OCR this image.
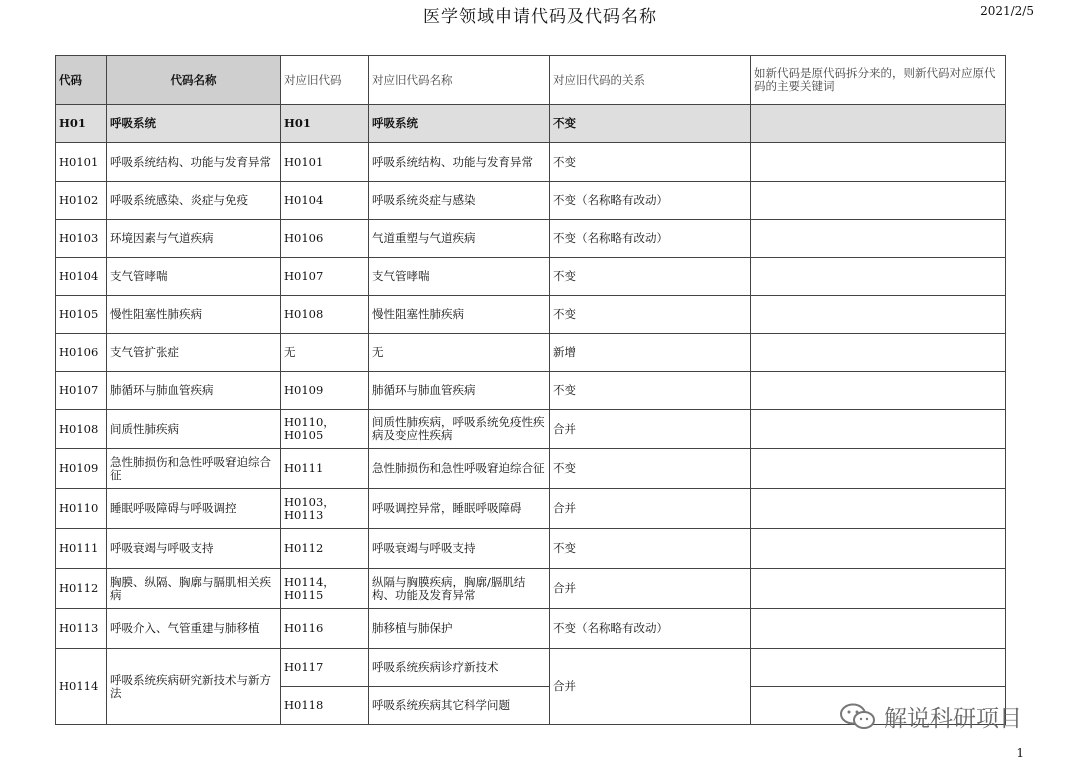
医学领域申请代码及代码名称	2021/2/5
代码	代码名称	对应旧代码	对应旧代码名称	对应旧代码的关系	如新代码是原代码拆分来的，则新代码对应原代码的主要关键词
H01	呼吸系统	H01	呼吸系统	不变	
H0101	呼吸系统结构、功能与发育异常	H0101	呼吸系统结构、功能与发育异常	不变	
H0102	呼吸系统感染、炎症与免疫	H0104	呼吸系统炎症与感染	不变（名称略有改动）	
H0103	环境因素与气道疾病	H0106	气道重塑与气道疾病	不变（名称略有改动）	
H0104	支气管哮喘	H0107	支气管哮喘	不变	
H0105	慢性阻塞性肺疾病	H0108	慢性阻塞性肺疾病	不变	
H0106	支气管扩张症	无	无	新增	
H0107	肺循环与肺血管疾病	H0109	肺循环与肺血管疾病	不变	
H0108	间质性肺疾病	H0110，H0105	间质性肺疾病，呼吸系统免疫性疾病及变应性疾病	合并	
H0109	急性肺损伤和急性呼吸窘迫综合征	H0111	急性肺损伤和急性呼吸窘迫综合征	不变	
H0110	睡眠呼吸障碍与呼吸调控	H0103，H0113	呼吸调控异常，睡眠呼吸障碍	合并	
H0111	呼吸衰竭与呼吸支持	H0112	呼吸衰竭与呼吸支持	不变	
H0112	胸膜、纵隔、胸廓与膈肌相关疾病	H0114，H0115	纵隔与胸膜疾病，胸廓/膈肌结构、功能及发育异常	合并	
H0113	呼吸介入、气管重建与肺移植	H0116	肺移植与肺保护	不变（名称略有改动）	
H0114	呼吸系统疾病研究新技术与新方法	H0117	呼吸系统疾病诊疗新技术	合并	
		H0118	呼吸系统疾病其它科学问题		
解说科研项目
1
